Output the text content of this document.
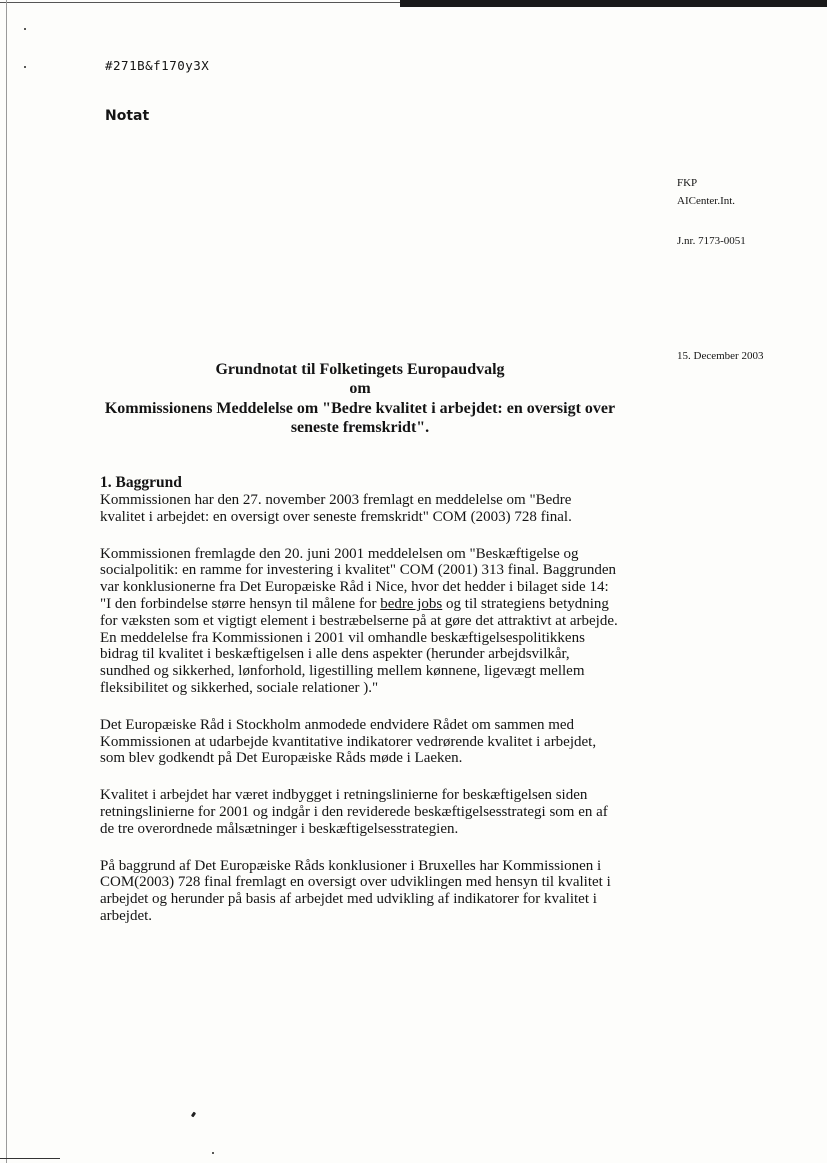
#271B&f170y3X
Notat
FKP
AICenter.Int.
J.nr. 7173-0051
15. December 2003
Grundnotat til Folketingets Europaudvalg
om
Kommissionens Meddelelse om "Bedre kvalitet i arbejdet: en oversigt over seneste fremskridt".
1. Baggrund

Kommissionen har den 27. november 2003 fremlagt en meddelelse om "Bedre kvalitet i arbejdet: en oversigt over seneste fremskridt" COM (2003) 728 final.

Kommissionen fremlagde den 20. juni 2001 meddelelsen om "Beskæftigelse og socialpolitik: en ramme for investering i kvalitet" COM (2001) 313 final. Baggrunden var konklusionerne fra Det Europæiske Råd i Nice, hvor det hedder i bilaget side 14: "I den forbindelse større hensyn til målene for bedre jobs og til strategiens betydning for væksten som et vigtigt element i bestræbelserne på at gøre det attraktivt at arbejde. En meddelelse fra Kommissionen i 2001 vil omhandle beskæftigelsespolitikkens bidrag til kvalitet i beskæftigelsen i alle dens aspekter (herunder arbejdsvilkår, sundhed og sikkerhed, lønforhold, ligestilling mellem kønnene, ligevægt mellem fleksibilitet og sikkerhed, sociale relationer )."

Det Europæiske Råd i Stockholm anmodede endvidere Rådet om sammen med Kommissionen at udarbejde kvantitative indikatorer vedrørende kvalitet i arbejdet, som blev godkendt på Det Europæiske Råds møde i Laeken.

Kvalitet i arbejdet har været indbygget i retningslinierne for beskæftigelsen siden retningslinierne for 2001 og indgår i den reviderede beskæftigelsesstrategi som en af de tre overordnede målsætninger i beskæftigelsesstrategien.

På baggrund af Det Europæiske Råds konklusioner i Bruxelles har Kommissionen i COM(2003) 728 final fremlagt en oversigt over udviklingen med hensyn til kvalitet i arbejdet og herunder på basis af arbejdet med udvikling af indikatorer for kvalitet i arbejdet.
